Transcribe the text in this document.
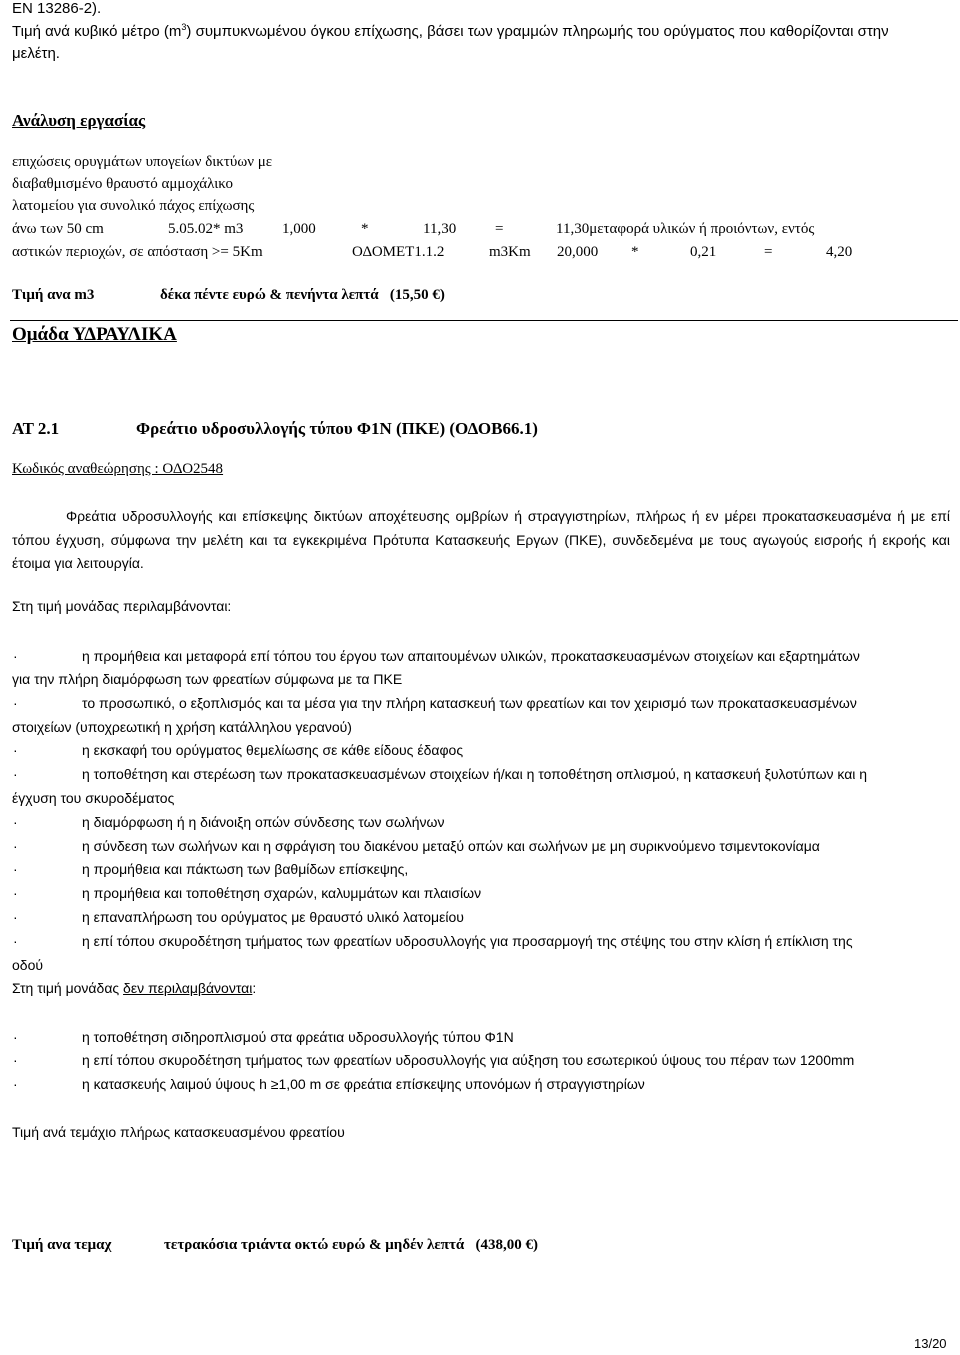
EN 13286-2).
Τιμή ανά κυβικό μέτρο $(m^3)$ συμπυκνωμένου όγκου επίχωσης, βάσει των γραμμών πληρωμής του ορύγματος που καθορίζονται στην
μελέτη.
Ανάλυση εργασίας
επιχώσεις ορυγμάτων υπογείων δικτύων με
διαβαθμισμένο θραυστό αμμοχάλικο
λατομείου για συνολικό πάχος επίχωσης
άνω των 50 cm	5.05.02* m3	1,000	*	11,30	=	11,30μεταφορά υλικών ή προιόντων, εντός
αστικών περιοχών, σε απόσταση >= 5Km	ΟΔΟΜΕΤ1.1.2	m3Km 20,000 *	0,21	=	4,20
Τιμή ανα m3	δέκα πέντε ευρώ & πενήντα λεπτά (15,50 €)
Ομάδα ΥΔΡΑΥΛΙΚΑ
ΑΤ 2.1	Φρεάτιο υδροσυλλογής τύπου Φ1Ν (ΠΚΕ) (ΟΔΟΒ66.1)
Κωδικός αναθεώρησης : ΟΔΟ2548
Φρεάτια υδροσυλλογής και επίσκεψης δικτύων αποχέτευσης ομβρίων ή στραγγιστηρίων, πλήρως ή εν μέρει προκατασκευασμένα ή με επί τόπου έγχυση, σύμφωνα την μελέτη και τα εγκεκριμένα Πρότυπα Κατασκευής Εργων (ΠΚΕ), συνδεδεμένα με τους αγωγούς εισροής ή εκροής και έτοιμα για λειτουργία.
Στη τιμή μονάδας περιλαμβάνονται:
·	η προμήθεια και μεταφορά επί τόπου του έργου των απαιτουμένων υλικών, προκατασκευασμένων στοιχείων και εξαρτημάτων
για την πλήρη διαμόρφωση των φρεατίων σύμφωνα με τα ΠΚΕ
·	το προσωπικό, ο εξοπλισμός και τα μέσα για την πλήρη κατασκευή των φρεατίων και τον χειρισμό των προκατασκευασμένων
στοιχείων (υποχρεωτική η χρήση κατάλληλου γερανού)
·	η εκσκαφή του ορύγματος θεμελίωσης σε κάθε είδους έδαφος
·	η τοποθέτηση και στερέωση των προκατασκευασμένων στοιχείων ή/και η τοποθέτηση οπλισμού, η κατασκευή ξυλοτύπων και η
έγχυση του σκυροδέματος
·	η διαμόρφωση ή η διάνοιξη οπών σύνδεσης των σωλήνων
·	η σύνδεση των σωλήνων και η σφράγιση του διακένου μεταξύ οπών και σωλήνων με μη συρικνούμενο τσιμεντοκονίαμα
·	η προμήθεια και πάκτωση των βαθμίδων επίσκεψης,
·	η προμήθεια και τοποθέτηση σχαρών, καλυμμάτων και πλαισίων
·	η επαναπλήρωση του ορύγματος με θραυστό υλικό λατομείου
·	η επί τόπου σκυροδέτηση τμήματος των φρεατίων υδροσυλλογής για προσαρμογή της στέψης του στην κλίση ή επίκλιση της
οδού
Στη τιμή μονάδας δεν περιλαμβάνονται:
·	η τοποθέτηση σιδηροπλισμού στα φρεάτια υδροσυλλογής τύπου Φ1Ν
·	η επί τόπου σκυροδέτηση τμήματος των φρεατίων υδροσυλλογής για αύξηση του εσωτερικού ύψους του πέραν των 1200mm
·	η κατασκευής λαιμού ύψους h ≥1,00 m σε φρεάτια επίσκεψης υπονόμων ή στραγγιστηρίων
Τιμή ανά τεμάχιο πλήρως κατασκευασμένου φρεατίου
Τιμή ανα τεμαχ	τετρακόσια τριάντα οκτώ ευρώ & μηδέν λεπτά (438,00 €)
13/20
